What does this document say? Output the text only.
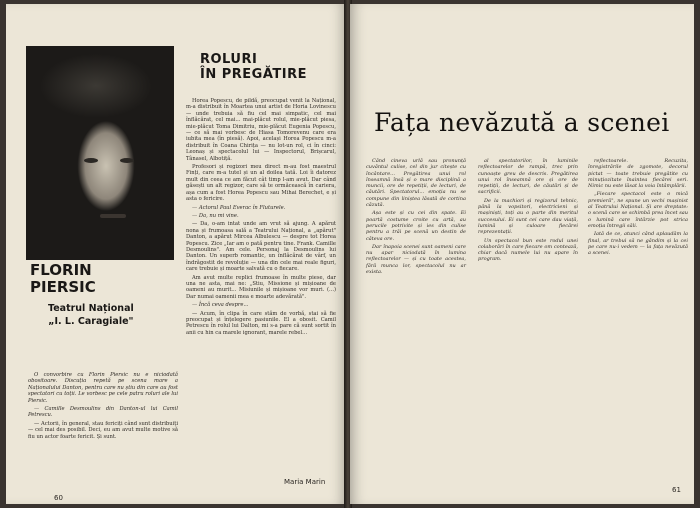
ROLURI
ÎN PREGĂTIRE

Horea Popescu, de pildă, preocupat venit la Național, m-a distribuit în Moartea unui artist de Horia Lovinescu — unde trebuia să fiu cel mai simpatic, cel mai înflăcărat, cel mai... mai-plăcut rolul, mie-plăcut piesa, mie-plăcut Toma Dimitriu, mie-plăcut Eugenia Popescu, — ce să mai vorbesc de Hiasa Tomorevenu care era iubita mea (în piesă). Apoi, același Horea Popescu m-a distribuit în Coana Chirița — nu lot-un rol, ci în cinci: Leonaș și spectacolul lui — Inspectorul, Brișcarul, Tânasel, Albotiță.

Profesori și regizori meu direct m-au fost maestrul Finți, care m-a tutel și un al doilea tată. Loi îi datorez mult din ceea ce am făcut cât timp l-am avut. Dar când găsești un alt regizor, care să te ormăcească în cariera, așa cum a fost Horea Popescu sau Mihai Berechet, e și asta o fericire.

— Actorul Paul Everac în Fluturele.

— Da, nu mi vine.

— Da, o-am intat unde am vrut să ajung. A apărut nona și frumoasa sală a Teatrului Național, a „apărut" Danton, a apărut Mircea Albulescu — despre tot Horea Popescu. Zice „Iar am o pată pentru tine. Frank. Camille Desmoulins". Am cele. Personaj la Desmoulins lui Danton. Un superb romantic, un înflăcărat de vârf, un îndrăgostit de revoluție — una din cele mai reale figuri, care trebuie și moarte salvată cu o fiecare.

Am avut multe replici frumoase în multe piese, dar una ne asta, mai ne: „Stiu, Missione și mișioane de oameni au murit... Misiunile și mișioane vor muri. (...) Dar numai oamenii mea e moarte adevărată".

— Încă ceva despre...

— Acum, în clipa în care stăm de vorbă, stai să fie preocupat și înțelegere pasiunile. El a obosit. Camil Petrescu în rolul lui Dalton, mi s-a pare că sunt sortit în anii cu hin ca marele ignorant, marele rebel...

FLORIN
PIERSIC
Teatrul Național
„I. L. Caragiale"

O convorbire cu Florin Piersic nu e niciodată obositoare. Discuția repetă pe scena mare a Naționalului Danton, pentru care nu știu din care au fost spectatori cu toții. Le vorbesc pe cele patru roluri ale lui Piersic.

— Camille Desmoulins din Danton-ul lui Camil Petrescu.

— Actorii, în general, stau fericiți când sunt distribuiți — cel mai des posibil. Deci, eu am avut multe motive să fiu un actor foarte fericit. Și sunt.

Maria Marin
60
Fața nevăzută a scenei

Când cineva urlă sau pronunță cuvântul culise, cel din jur citește cu încântare... Pregătirea unui rol înseamnă însă și o mare disciplină a muncii, ore de repetiții, de lecturi, de căutări. Spectatorul... emoția nu se compune din liniștea lăsată de cortina căzută.

Așa este și cu cei din spate. Ei poartă costume croite cu artă, au perucile potrivite și ies din culise pentru a trăi pe scenă un destin de câteva ore.

Dar înapoia scenei sunt oameni care nu apar niciodată în lumina reflectoarelor — și cu toate acestea, fără munca lor, spectacolul nu ar exista.

al spectatorilor, în luminile reflectoarelor de rampă, trec prin cunoaște greu de descris. Pregătirea unui rol înseamnă ore și ore de repetiții, de lecturi, de căutări și de sacrificii.

De la machiori și regizorul tehnic, până la vopsitori, electricieni și mașiniști, toți au o parte din meritul succesului. Ei sunt cei care dau viață, lumină și culoare fiecărei reprezentații.

Un spectacol bun este rodul unei colaborări în care fiecare om contează, chiar dacă numele lui nu apare în program.

reflectoarele. Recuzita, înregistrările de zgomote, decorul pictat — toate trebuie pregătite cu minuțiozitate înaintea fiecărei seri. Nimic nu este lăsat la voia întâmplării.

„Fiecare spectacol este o mică premieră", ne spune un vechi mașinist al Teatrului Național. Și are dreptate: o scenă care se schimbă prea încet sau o lumină care întârzie pot strica emoția întregii săli.

Iată de ce, atunci când aplaudăm la final, ar trebui să ne gândim și la cei pe care nu-i vedem — la fața nevăzută a scenei.

61
